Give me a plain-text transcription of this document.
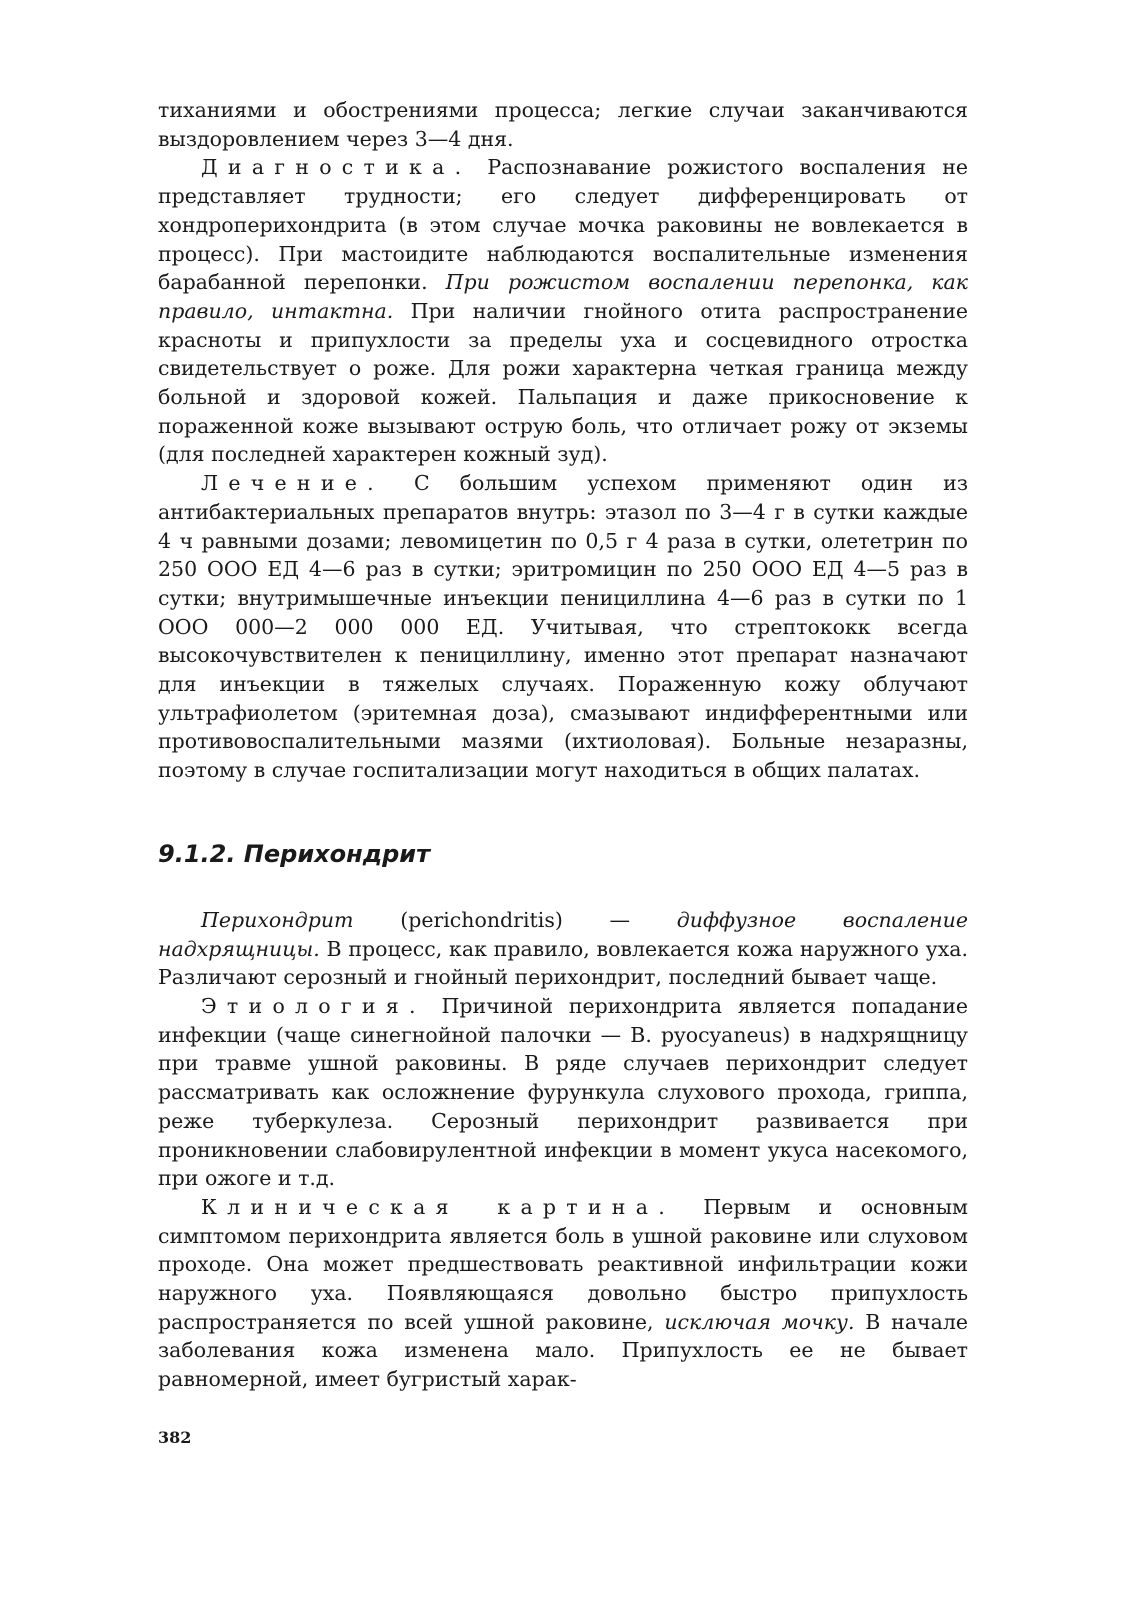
тиханиями и обострениями процесса; легкие случаи заканчиваются выздоровлением через 3—4 дня.

Диагностика. Распознавание рожистого воспаления не представляет трудности; его следует дифференцировать от хондроперихондрита (в этом случае мочка раковины не вовлекается в процесс). При мастоидите наблюдаются воспалительные изменения барабанной перепонки. При рожистом воспалении перепонка, как правило, интактна. При наличии гнойного отита распространение красноты и припухлости за пределы уха и сосцевидного отростка свидетельствует о роже. Для рожи характерна четкая граница между больной и здоровой кожей. Пальпация и даже прикосновение к пораженной коже вызывают острую боль, что отличает рожу от экземы (для последней характерен кожный зуд).

Лечение. С большим успехом применяют один из антибактериальных препаратов внутрь: этазол по 3—4 г в сутки каждые 4 ч равными дозами; левомицетин по 0,5 г 4 раза в сутки, олететрин по 250 ООО ЕД 4—6 раз в сутки; эритромицин по 250 ООО ЕД 4—5 раз в сутки; внутримышечные инъекции пенициллина 4—6 раз в сутки по 1 ООО 000—2 000 000 ЕД. Учитывая, что стрептококк всегда высокочувствителен к пенициллину, именно этот препарат назначают для инъекции в тяжелых случаях. Пораженную кожу облучают ультрафиолетом (эритемная доза), смазывают индифферентными или противовоспалительными мазями (ихтиоловая). Больные незаразны, поэтому в случае госпитализации могут находиться в общих палатах.

9.1.2. Перихондрит

Перихондрит (perichondritis) — диффузное воспаление надхрящницы. В процесс, как правило, вовлекается кожа наружного уха. Различают серозный и гнойный перихондрит, последний бывает чаще.

Этиология. Причиной перихондрита является попадание инфекции (чаще синегнойной палочки — B. pyocyaneus) в надхрящницу при травме ушной раковины. В ряде случаев перихондрит следует рассматривать как осложнение фурункула слухового прохода, гриппа, реже туберкулеза. Серозный перихондрит развивается при проникновении слабовирулентной инфекции в момент укуса насекомого, при ожоге и т.д.

Клиническая картина. Первым и основным симптомом перихондрита является боль в ушной раковине или слуховом проходе. Она может предшествовать реактивной инфильтрации кожи наружного уха. Появляющаяся довольно быстро припухлость распространяется по всей ушной раковине, исключая мочку. В начале заболевания кожа изменена мало. Припухлость ее не бывает равномерной, имеет бугристый харак-

382
